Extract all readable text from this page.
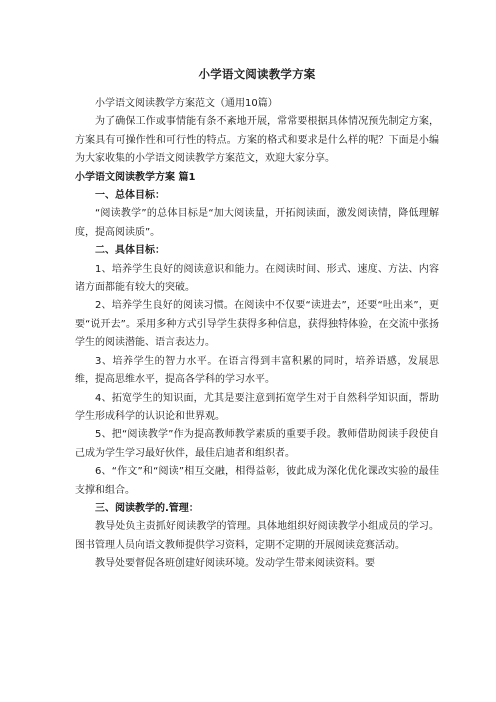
小学语文阅读教学方案

小学语文阅读教学方案范文（通用10篇）

为了确保工作或事情能有条不紊地开展，常常要根据具体情况预先制定方案，方案具有可操作性和可行性的特点。方案的格式和要求是什么样的呢？下面是小编为大家收集的小学语文阅读教学方案范文，欢迎大家分享。

小学语文阅读教学方案 篇1

一、总体目标：

“阅读教学”的总体目标是“加大阅读量，开拓阅读面，激发阅读情，降低理解度，提高阅读质”。

二、具体目标：

1、培养学生良好的阅读意识和能力。在阅读时间、形式、速度、方法、内容诸方面都能有较大的突破。

2、培养学生良好的阅读习惯。在阅读中不仅要“读进去”，还要“吐出来”，更要“说开去”。采用多种方式引导学生获得多种信息，获得独特体验，在交流中张扬学生的阅读潜能、语言表达力。

3、培养学生的智力水平。在语言得到丰富积累的同时，培养语感，发展思维，提高思维水平，提高各学科的学习水平。

4、拓宽学生的知识面，尤其是要注意到拓宽学生对于自然科学知识面，帮助学生形成科学的认识论和世界观。

5、把“阅读教学”作为提高教师教学素质的重要手段。教师借助阅读手段使自己成为学生学习最好伙伴，最佳启迪者和组织者。

6、“作文”和“阅读”相互交融，相得益彰，彼此成为深化优化课改实验的最佳支撑和组合。

三、阅读教学的.管理：

教导处负主责抓好阅读教学的管理。具体地组织好阅读教学小组成员的学习。图书管理人员向语文教师提供学习资料，定期不定期的开展阅读竞赛活动。

教导处要督促各班创建好阅读环境。发动学生带来阅读资料。要
